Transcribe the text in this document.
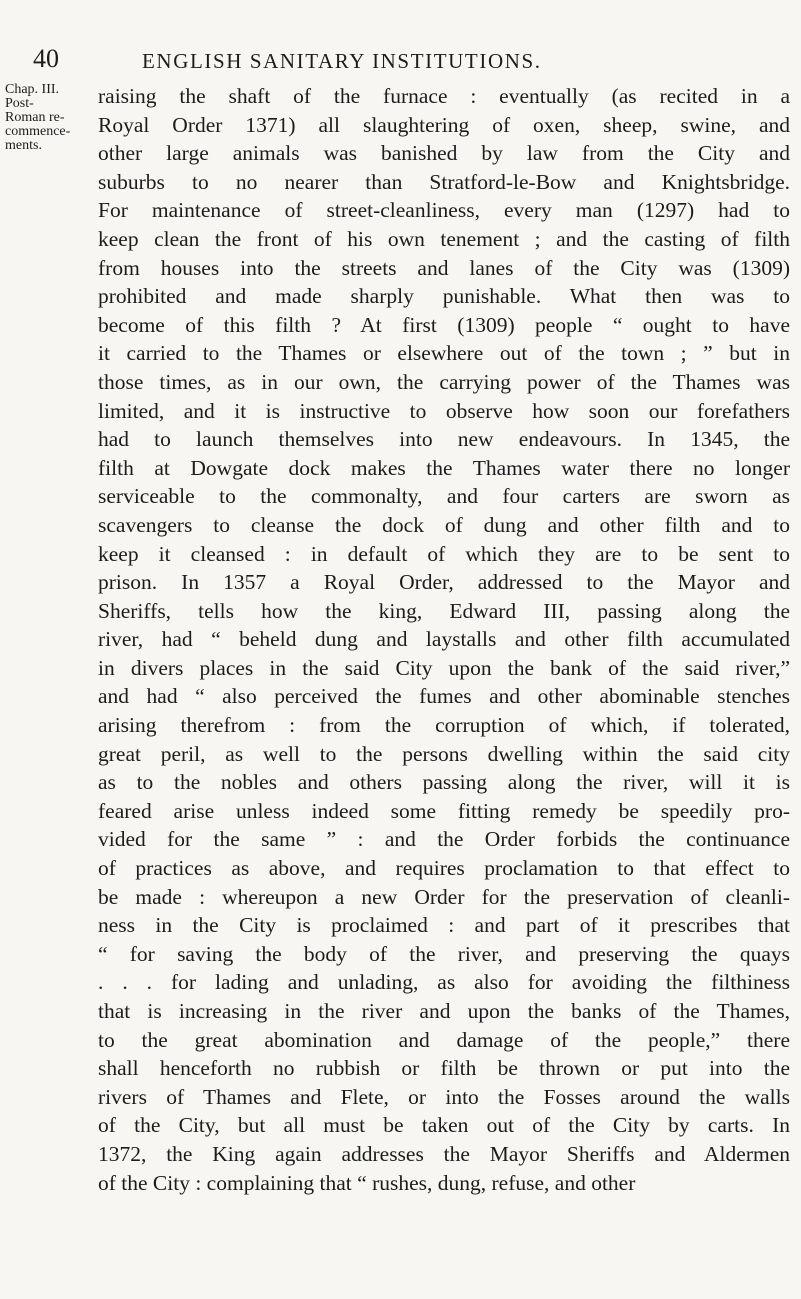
40	ENGLISH SANITARY INSTITUTIONS.
Chap. III.
Post-
Roman re-
commence-
ments.
raising the shaft of the furnace : eventually (as recited in a
Royal Order 1371) all slaughtering of oxen, sheep, swine, and
other large animals was banished by law from the City and
suburbs to no nearer than Stratford-le-Bow and Knightsbridge.
For maintenance of street-cleanliness, every man (1297) had to
keep clean the front of his own tenement ; and the casting of filth
from houses into the streets and lanes of the City was (1309)
prohibited and made sharply punishable. What then was to
become of this filth ? At first (1309) people “ ought to have
it carried to the Thames or elsewhere out of the town ; ” but in
those times, as in our own, the carrying power of the Thames was
limited, and it is instructive to observe how soon our forefathers
had to launch themselves into new endeavours. In 1345, the
filth at Dowgate dock makes the Thames water there no longer
serviceable to the commonalty, and four carters are sworn as
scavengers to cleanse the dock of dung and other filth and to
keep it cleansed : in default of which they are to be sent to
prison. In 1357 a Royal Order, addressed to the Mayor and
Sheriffs, tells how the king, Edward III, passing along the
river, had “ beheld dung and laystalls and other filth accumulated
in divers places in the said City upon the bank of the said river,”
and had “ also perceived the fumes and other abominable stenches
arising therefrom : from the corruption of which, if tolerated,
great peril, as well to the persons dwelling within the said city
as to the nobles and others passing along the river, will it is
feared arise unless indeed some fitting remedy be speedily pro-
vided for the same ” : and the Order forbids the continuance
of practices as above, and requires proclamation to that effect to
be made : whereupon a new Order for the preservation of cleanli-
ness in the City is proclaimed : and part of it prescribes that
“ for saving the body of the river, and preserving the quays
. . . for lading and unlading, as also for avoiding the filthiness
that is increasing in the river and upon the banks of the Thames,
to the great abomination and damage of the people,” there
shall henceforth no rubbish or filth be thrown or put into the
rivers of Thames and Flete, or into the Fosses around the walls
of the City, but all must be taken out of the City by carts. In
1372, the King again addresses the Mayor Sheriffs and Aldermen
of the City : complaining that “ rushes, dung, refuse, and other
